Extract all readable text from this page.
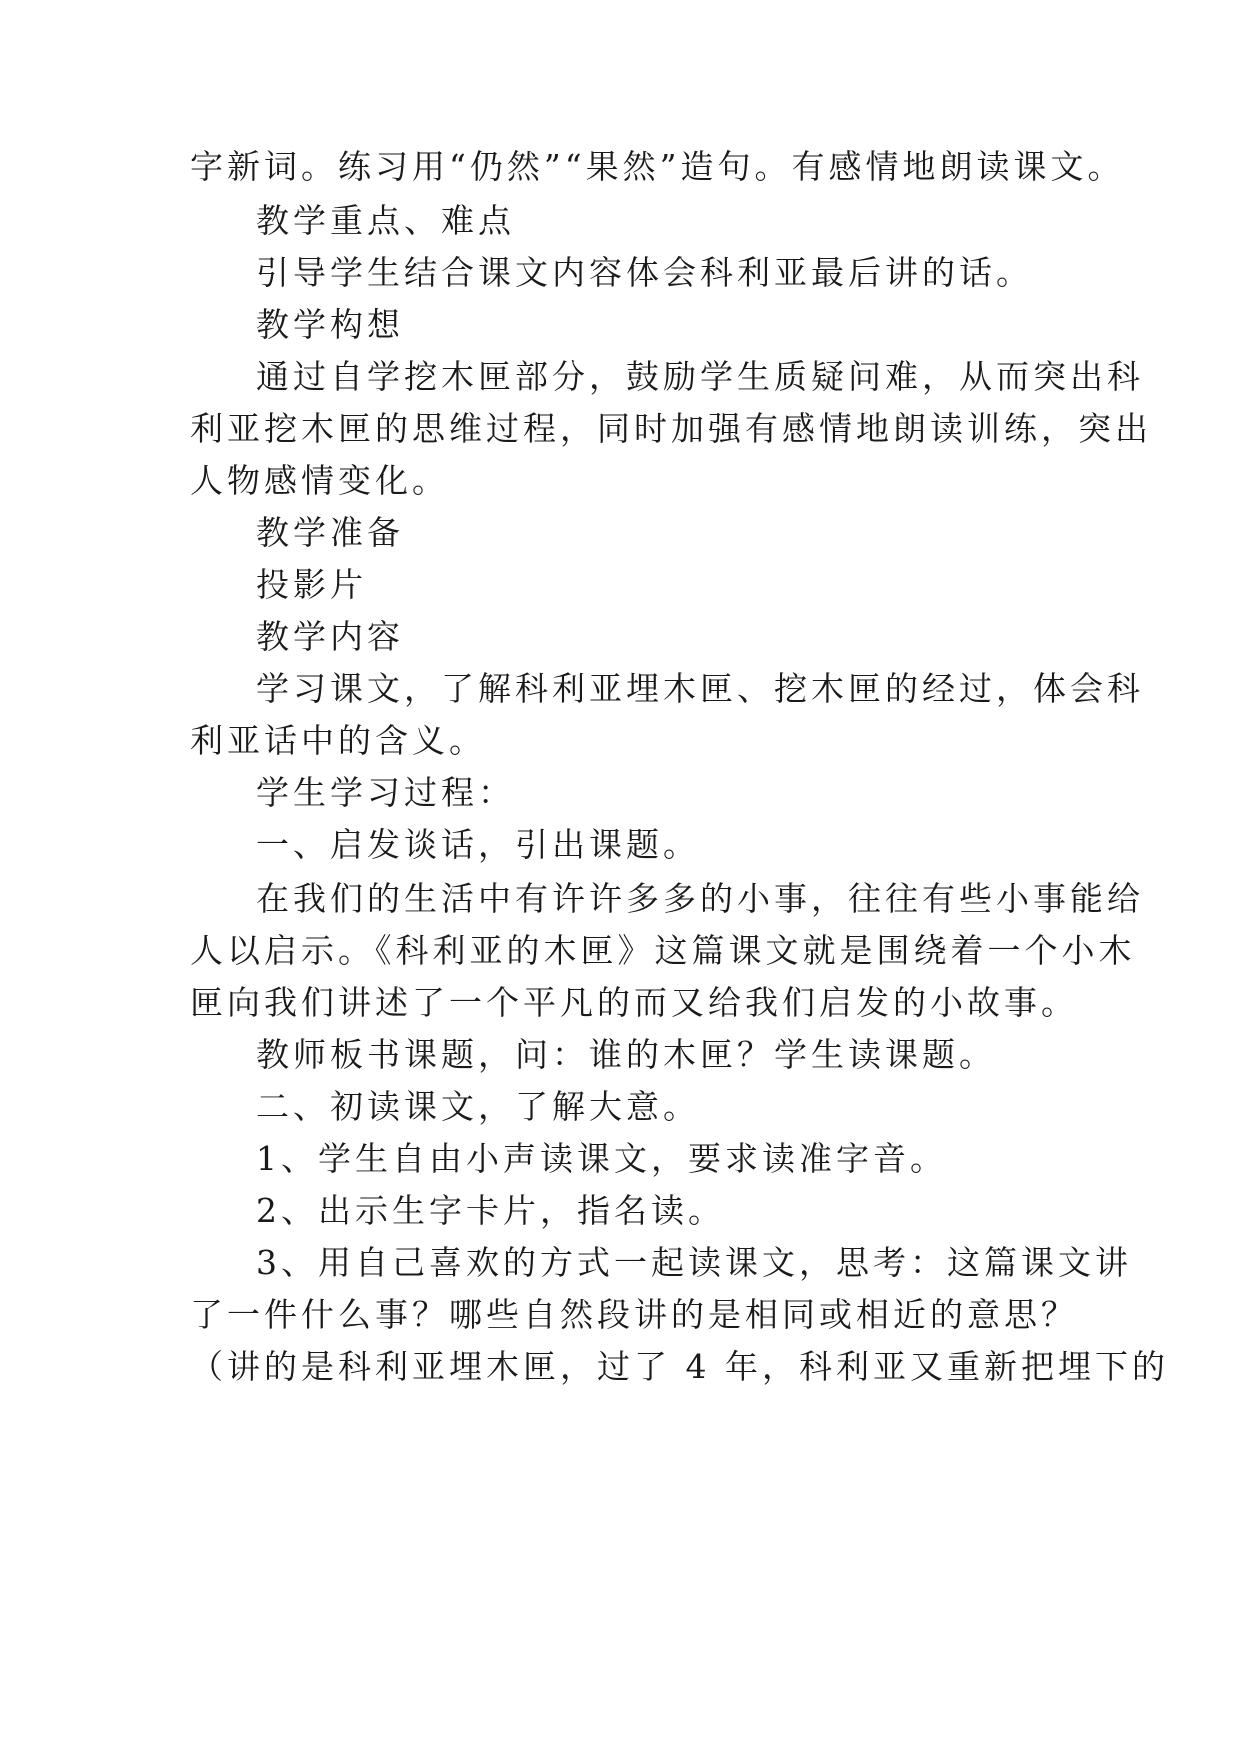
字新词。练习用“仍然”“果然”造句。有感情地朗读课文。
教学重点、难点
引导学生结合课文内容体会科利亚最后讲的话。
教学构想
通过自学挖木匣部分，鼓励学生质疑问难，从而突出科
利亚挖木匣的思维过程，同时加强有感情地朗读训练，突出
人物感情变化。
教学准备
投影片
教学内容
学习课文，了解科利亚埋木匣、挖木匣的经过，体会科
利亚话中的含义。
学生学习过程：
一、启发谈话，引出课题。
在我们的生活中有许许多多的小事，往往有些小事能给
人以启示。《科利亚的木匣》这篇课文就是围绕着一个小木
匣向我们讲述了一个平凡的而又给我们启发的小故事。
教师板书课题，问：谁的木匣？学生读课题。
二、初读课文，了解大意。
1、学生自由小声读课文，要求读准字音。
2、出示生字卡片，指名读。
3、用自己喜欢的方式一起读课文，思考：这篇课文讲
了一件什么事？哪些自然段讲的是相同或相近的意思？
（讲的是科利亚埋木匣，过了 4 年，科利亚又重新把埋下的
